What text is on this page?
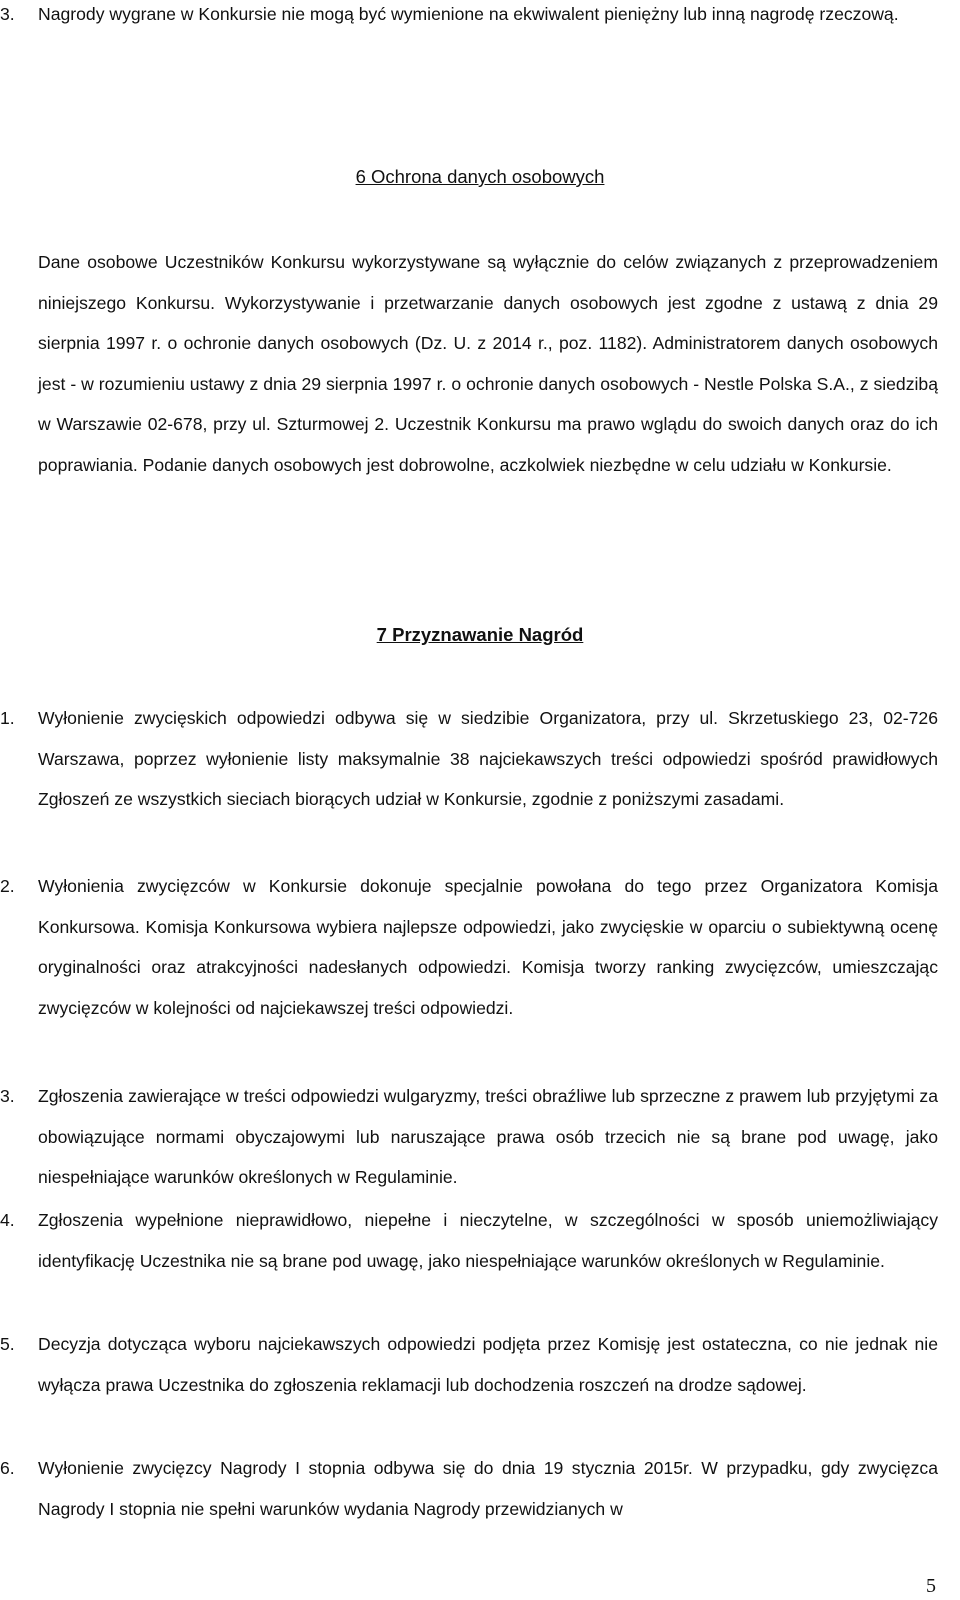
3.	Nagrody wygrane w Konkursie nie mogą być wymienione na ekwiwalent pieniężny lub inną nagrodę rzeczową.

6 Ochrona danych osobowych

Dane osobowe Uczestników Konkursu wykorzystywane są wyłącznie do celów związanych z przeprowadzeniem niniejszego Konkursu. Wykorzystywanie i przetwarzanie danych osobowych jest zgodne z ustawą z dnia 29 sierpnia 1997 r. o ochronie danych osobowych (Dz. U. z 2014 r., poz. 1182). Administratorem danych osobowych jest - w rozumieniu ustawy z dnia 29 sierpnia 1997 r. o ochronie danych osobowych - Nestle Polska S.A., z siedzibą w Warszawie 02-678, przy ul. Szturmowej 2. Uczestnik Konkursu ma prawo wglądu do swoich danych oraz do ich poprawiania. Podanie danych osobowych jest dobrowolne, aczkolwiek niezbędne w celu udziału w Konkursie.

7 Przyznawanie Nagród
1.	Wyłonienie zwycięskich odpowiedzi odbywa się w siedzibie Organizatora, przy ul. Skrzetuskiego 23, 02-726 Warszawa, poprzez wyłonienie listy maksymalnie 38 najciekawszych treści odpowiedzi spośród prawidłowych Zgłoszeń ze wszystkich sieciach biorących udział w Konkursie, zgodnie z poniższymi zasadami.

2.	Wyłonienia zwycięzców w Konkursie dokonuje specjalnie powołana do tego przez Organizatora Komisja Konkursowa. Komisja Konkursowa wybiera najlepsze odpowiedzi, jako zwycięskie w oparciu o subiektywną ocenę oryginalności oraz atrakcyjności nadesłanych odpowiedzi. Komisja tworzy ranking zwycięzców, umieszczając zwycięzców w kolejności od najciekawszej treści odpowiedzi.

3.	Zgłoszenia zawierające w treści odpowiedzi wulgaryzmy, treści obraźliwe lub sprzeczne z prawem lub przyjętymi za obowiązujące normami obyczajowymi lub naruszające prawa osób trzecich nie są brane pod uwagę, jako niespełniające warunków określonych w Regulaminie.

4.	Zgłoszenia wypełnione nieprawidłowo, niepełne i nieczytelne, w szczególności w sposób uniemożliwiający identyfikację Uczestnika nie są brane pod uwagę, jako niespełniające warunków określonych w Regulaminie.

5.	Decyzja dotycząca wyboru najciekawszych odpowiedzi podjęta przez Komisję jest ostateczna, co nie jednak nie wyłącza prawa Uczestnika do zgłoszenia reklamacji lub dochodzenia roszczeń na drodze sądowej.

6.	Wyłonienie zwycięzcy Nagrody I stopnia odbywa się do dnia 19 stycznia 2015r. W przypadku, gdy zwycięzca Nagrody I stopnia nie spełni warunków wydania Nagrody przewidzianych w

5
